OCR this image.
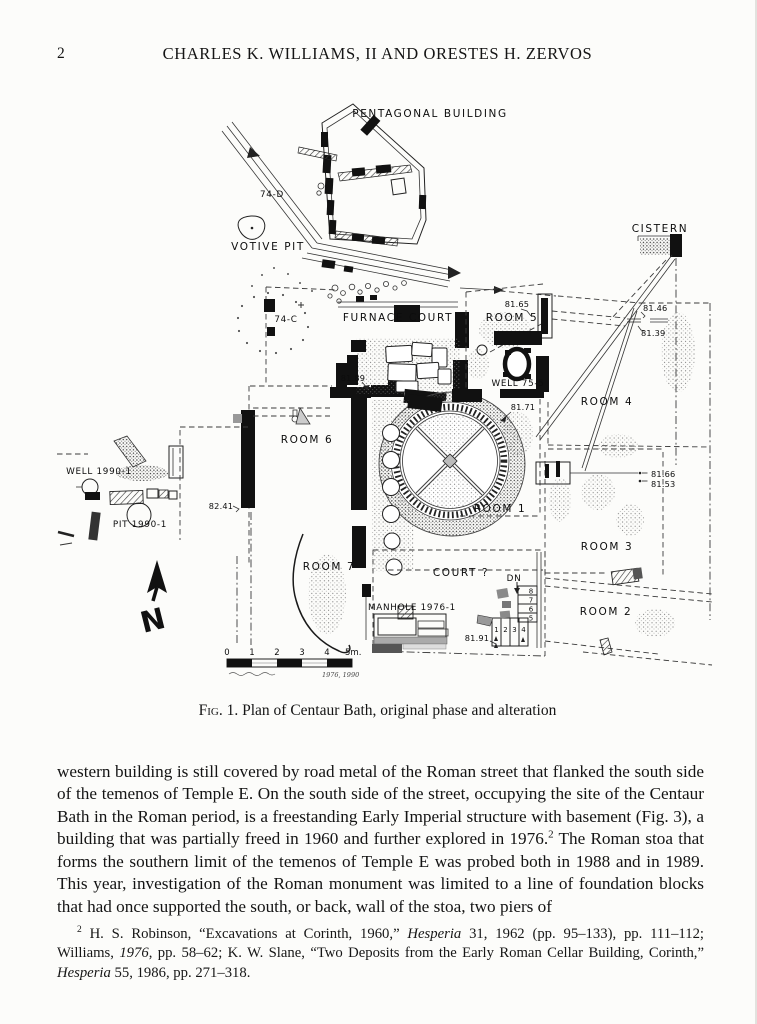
2	CHARLES K. WILLIAMS, II AND ORESTES H. ZERVOS
0 1 2 3 4 5m.
1976, 1990
N
PENTAGONAL BUILDING
74-D
VOTIVE PIT
74-C
CISTERN
FURNACE COURT	ROOM 5
WELL 75-5
ROOM 4
ROOM 6
ROOM 1
ROOM 3
ROOM 7	COURT ?
ROOM 2
MANHOLE 1976-1
WELL 1990-1
PIT 1990-1
DN
81.65	81.46
81.39
81.89
81.71
82.41
81.66
81.53
81.91
8
7
6
5
1 2 3 4
Fig. 1. Plan of Centaur Bath, original phase and alteration
western building is still covered by road metal of the Roman street that flanked the south side of the temenos of Temple E. On the south side of the street, occupying the site of the Centaur Bath in the Roman period, is a freestanding Early Imperial structure with basement (Fig. 3), a building that was partially freed in 1960 and further explored in 1976.$^2$ The Roman stoa that forms the southern limit of the temenos of Temple E was probed both in 1988 and in 1989. This year, investigation of the Roman monument was limited to a line of foundation blocks that had once supported the south, or back, wall of the stoa, two piers of
$^2$ H. S. Robinson, “Excavations at Corinth, 1960,” Hesperia 31, 1962 (pp. 95–133), pp. 111–112; Williams, 1976, pp. 58–62; K. W. Slane, “Two Deposits from the Early Roman Cellar Building, Corinth,” Hesperia 55, 1986, pp. 271–318.
